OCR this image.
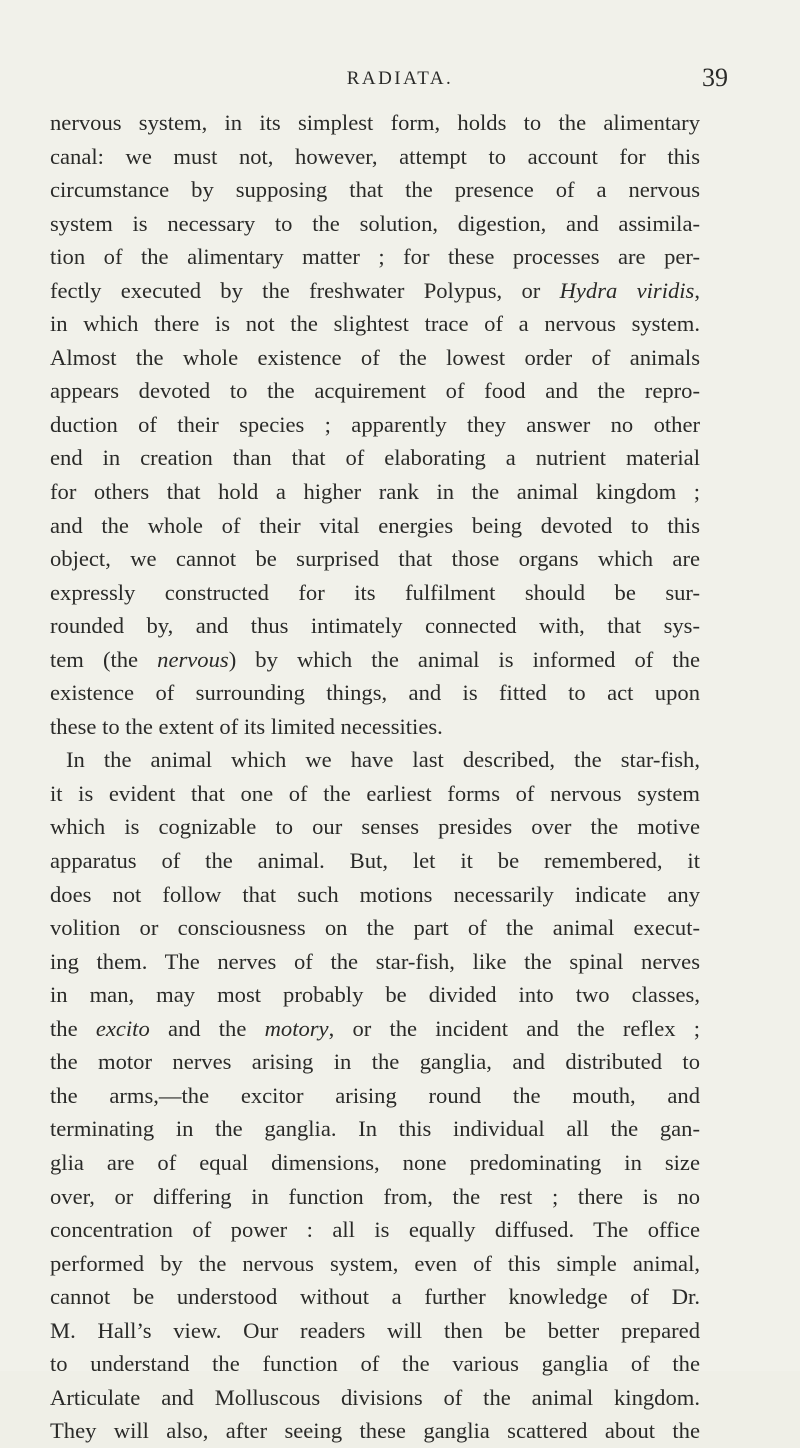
RADIATA.	39
nervous system, in its simplest form, holds to the alimentary
canal: we must not, however, attempt to account for this
circumstance by supposing that the presence of a nervous
system is necessary to the solution, digestion, and assimila-
tion of the alimentary matter ; for these processes are per-
fectly executed by the freshwater Polypus, or Hydra viridis,
in which there is not the slightest trace of a nervous system.
Almost the whole existence of the lowest order of animals
appears devoted to the acquirement of food and the repro-
duction of their species ; apparently they answer no other
end in creation than that of elaborating a nutrient material
for others that hold a higher rank in the animal kingdom ;
and the whole of their vital energies being devoted to this
object, we cannot be surprised that those organs which are
expressly constructed for its fulfilment should be sur-
rounded by, and thus intimately connected with, that sys-
tem (the nervous) by which the animal is informed of the
existence of surrounding things, and is fitted to act upon
these to the extent of its limited necessities.
In the animal which we have last described, the star-fish,
it is evident that one of the earliest forms of nervous system
which is cognizable to our senses presides over the motive
apparatus of the animal. But, let it be remembered, it
does not follow that such motions necessarily indicate any
volition or consciousness on the part of the animal execut-
ing them. The nerves of the star-fish, like the spinal nerves
in man, may most probably be divided into two classes,
the excito and the motory, or the incident and the reflex ;
the motor nerves arising in the ganglia, and distributed to
the arms,—the excitor arising round the mouth, and
terminating in the ganglia. In this individual all the gan-
glia are of equal dimensions, none predominating in size
over, or differing in function from, the rest ; there is no
concentration of power : all is equally diffused. The office
performed by the nervous system, even of this simple animal,
cannot be understood without a further knowledge of Dr.
M. Hall’s view. Our readers will then be better prepared
to understand the function of the various ganglia of the
Articulate and Molluscous divisions of the animal kingdom.
They will also, after seeing these ganglia scattered about the
